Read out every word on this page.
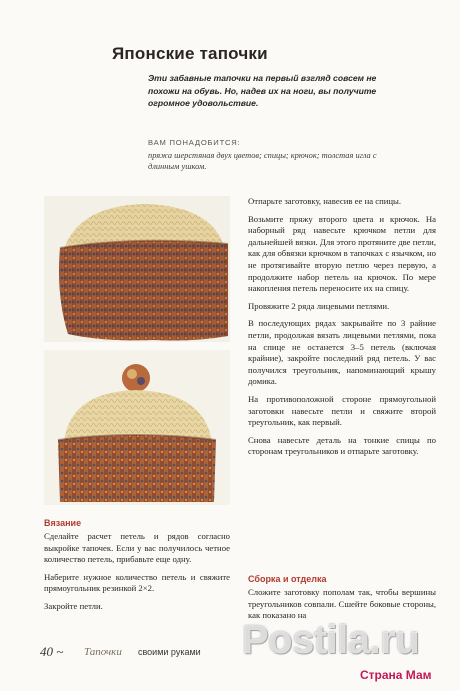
Японские тапочки

Эти забавные тапочки на первый взгляд совсем не похожи на обувь. Но, надев их на ноги, вы получите огромное удовольствие.

ВАМ ПОНАДОБИТСЯ:

пряжа шерстяная двух цветов; спицы; крючок; толстая игла с длинным ушком.

Вязание

Сделайте расчет петель и рядов согласно выкройке тапочек. Если у вас получилось четное количество петель, прибавьте еще одну.

Наберите нужное количество петель и свяжите прямоугольник резинкой 2×2.

Закройте петли.

Отпарьте заготовку, навесив ее на спицы.

Возьмите пряжу второго цвета и крючок. На наборный ряд навесьте крючком петли для дальнейшей вязки. Для этого протяните две петли, как для обвязки крючком в тапочках с язычком, но не протягивайте вторую петлю через первую, а продолжите набор петель на крючок. По мере накопления петель переносите их на спицу.

Провяжите 2 ряда лицевыми петлями.

В последующих рядах закрывайте по 3 райние петли, продолжая вязать лицевыми петлями, пока на спице не останется 3–5 петель (включая крайние), закройте последний ряд петель. У вас получился треугольник, напоминающий крышу домика.

На противоположной стороне прямоугольной заготовки навесьте петли и свяжите второй треугольник, как первый.

Снова навесьте деталь на тонкие спицы по сторонам треугольников и отпарьте заготовку.

Сборка и отделка
Сложите заготовку пополам так, чтобы вершины треугольников совпали. Сшейте боковые стороны, как показано на
40 ~ Тапочки своими руками Postila.ru
Страна Мам
